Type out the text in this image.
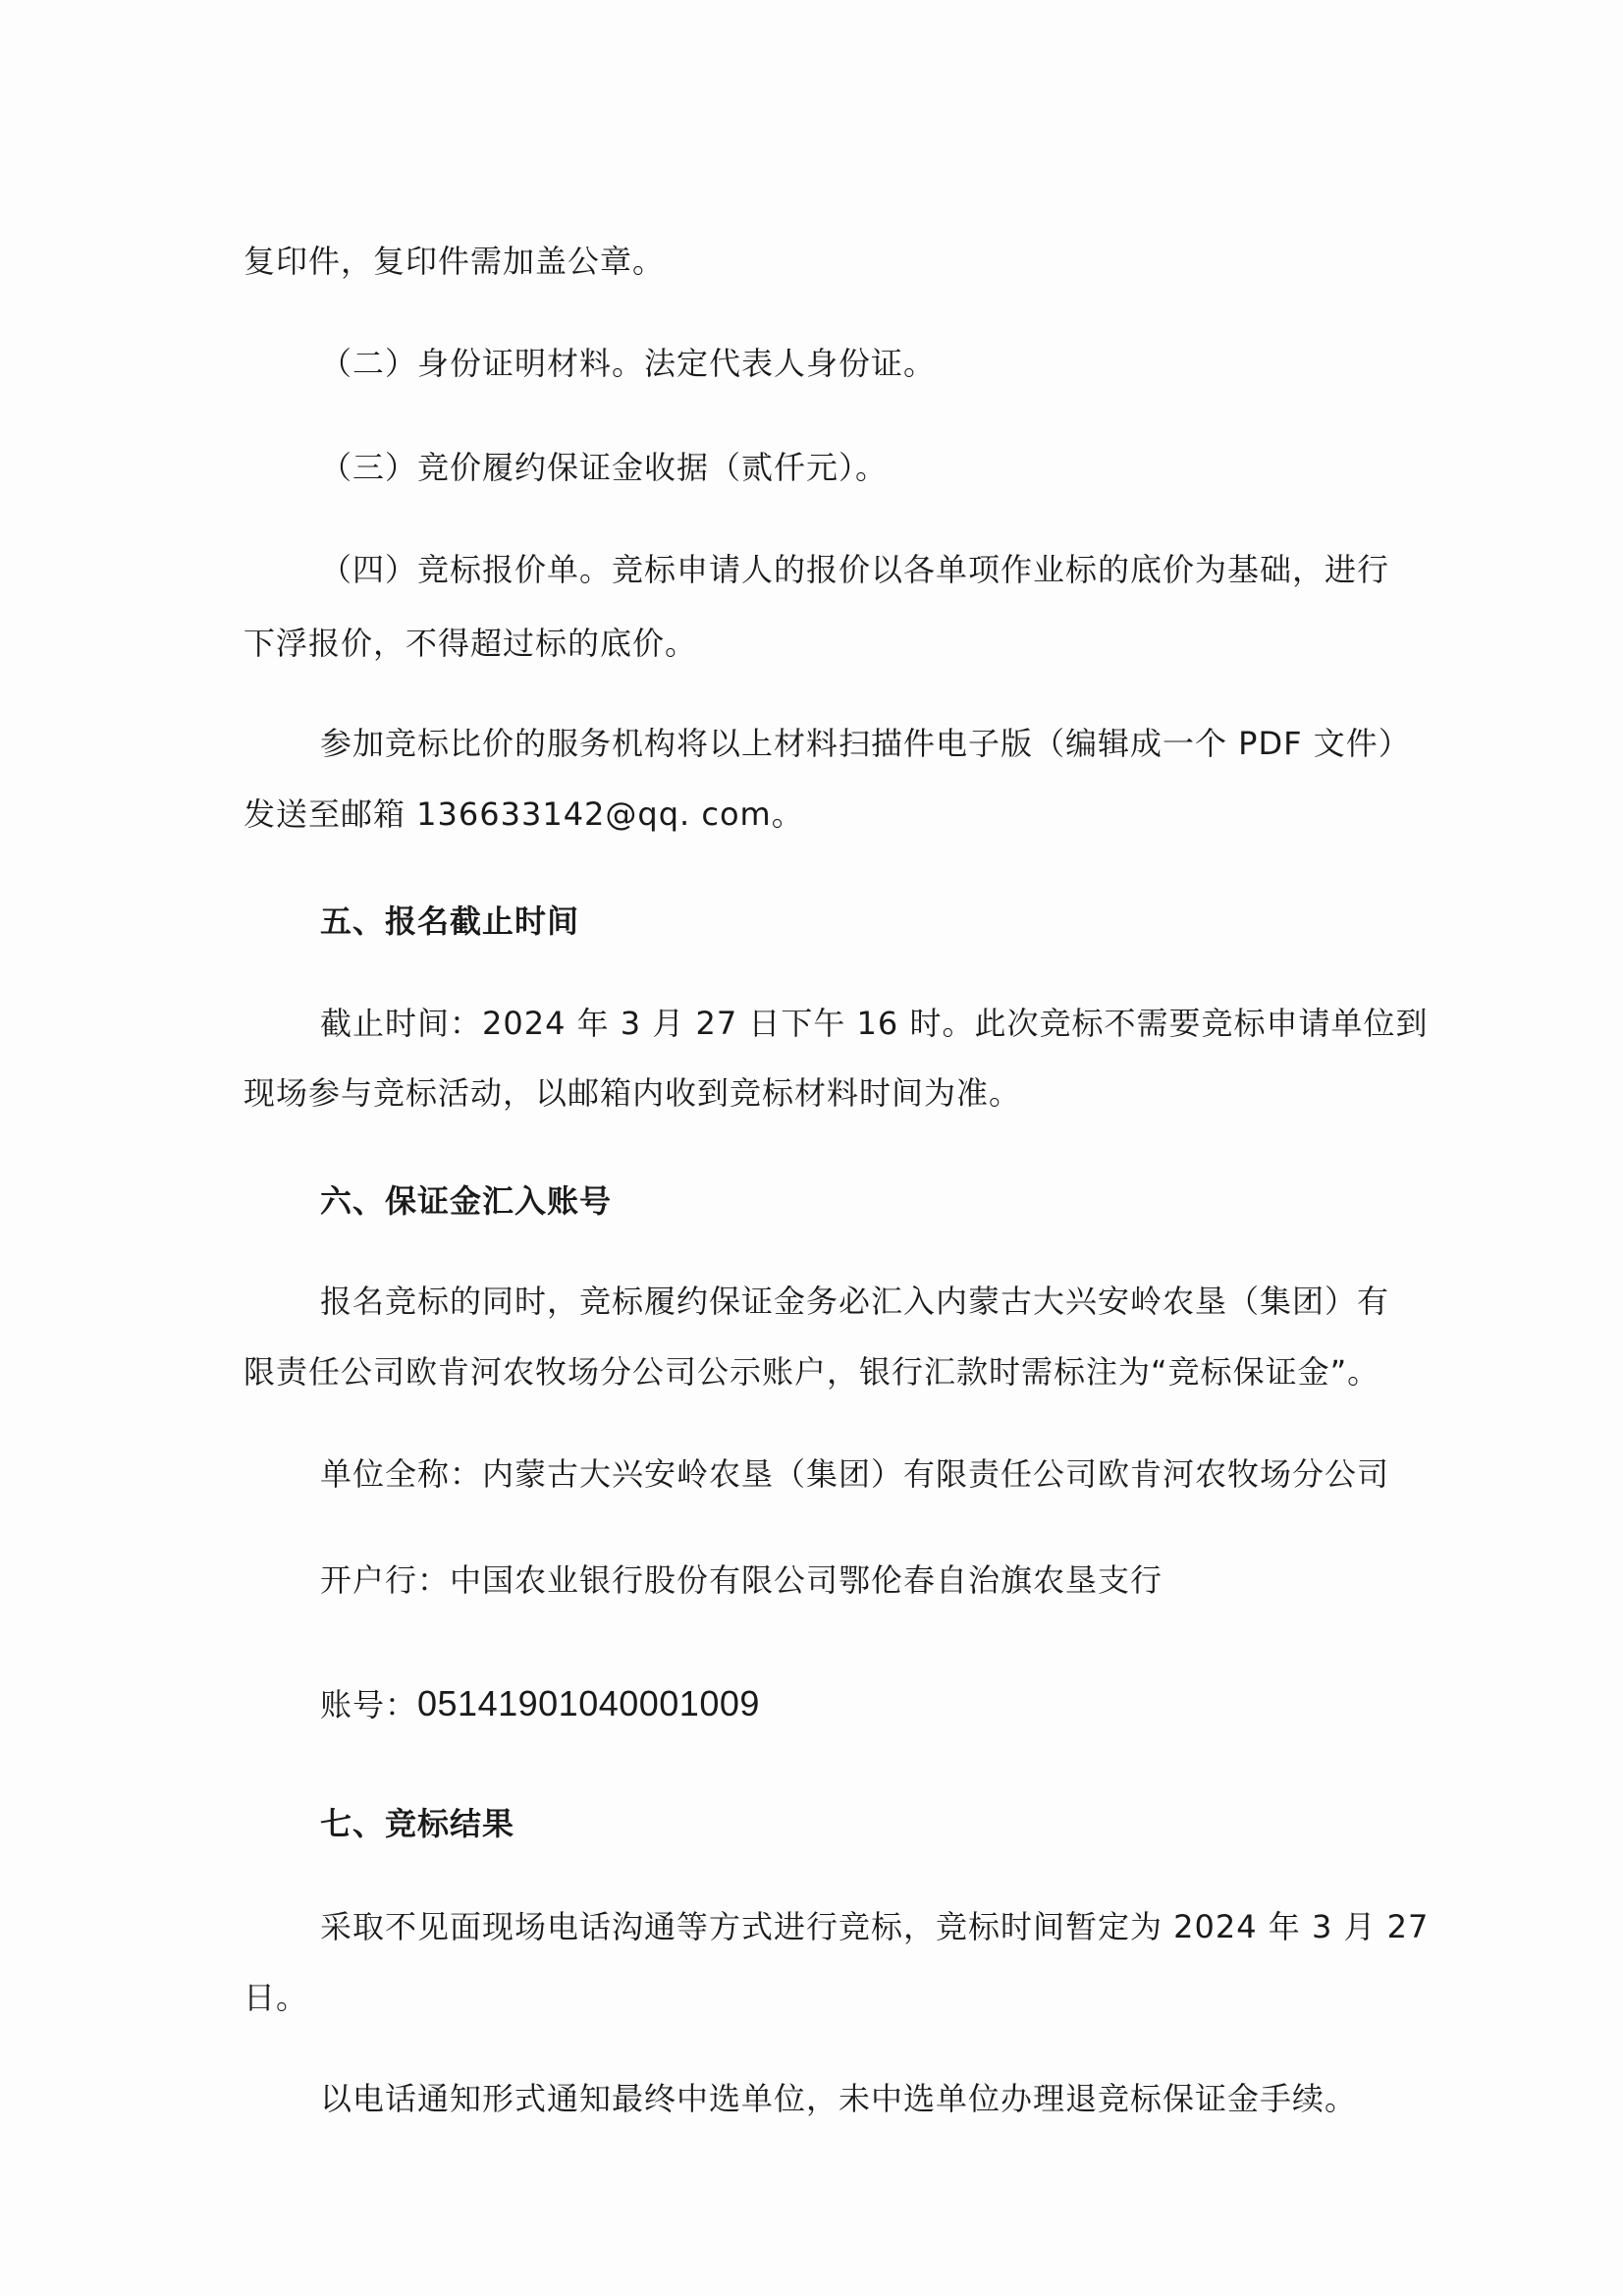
复印件，复印件需加盖公章。
（二）身份证明材料。法定代表人身份证。
（三）竞价履约保证金收据（贰仟元）。
（四）竞标报价单。竞标申请人的报价以各单项作业标的底价为基础，进行
下浮报价，不得超过标的底价。
参加竞标比价的服务机构将以上材料扫描件电子版（编辑成一个 PDF 文件）
发送至邮箱 136633142@qq. com。
五、报名截止时间
截止时间：2024 年 3 月 27 日下午 16 时。此次竞标不需要竞标申请单位到
现场参与竞标活动，以邮箱内收到竞标材料时间为准。
六、保证金汇入账号
报名竞标的同时，竞标履约保证金务必汇入内蒙古大兴安岭农垦（集团）有
限责任公司欧肯河农牧场分公司公示账户，银行汇款时需标注为“竞标保证金”。
单位全称：内蒙古大兴安岭农垦（集团）有限责任公司欧肯河农牧场分公司
开户行：中国农业银行股份有限公司鄂伦春自治旗农垦支行
账号：05141901040001009
七、竞标结果
采取不见面现场电话沟通等方式进行竞标，竞标时间暂定为 2024 年 3 月 27
日。
以电话通知形式通知最终中选单位，未中选单位办理退竞标保证金手续。
